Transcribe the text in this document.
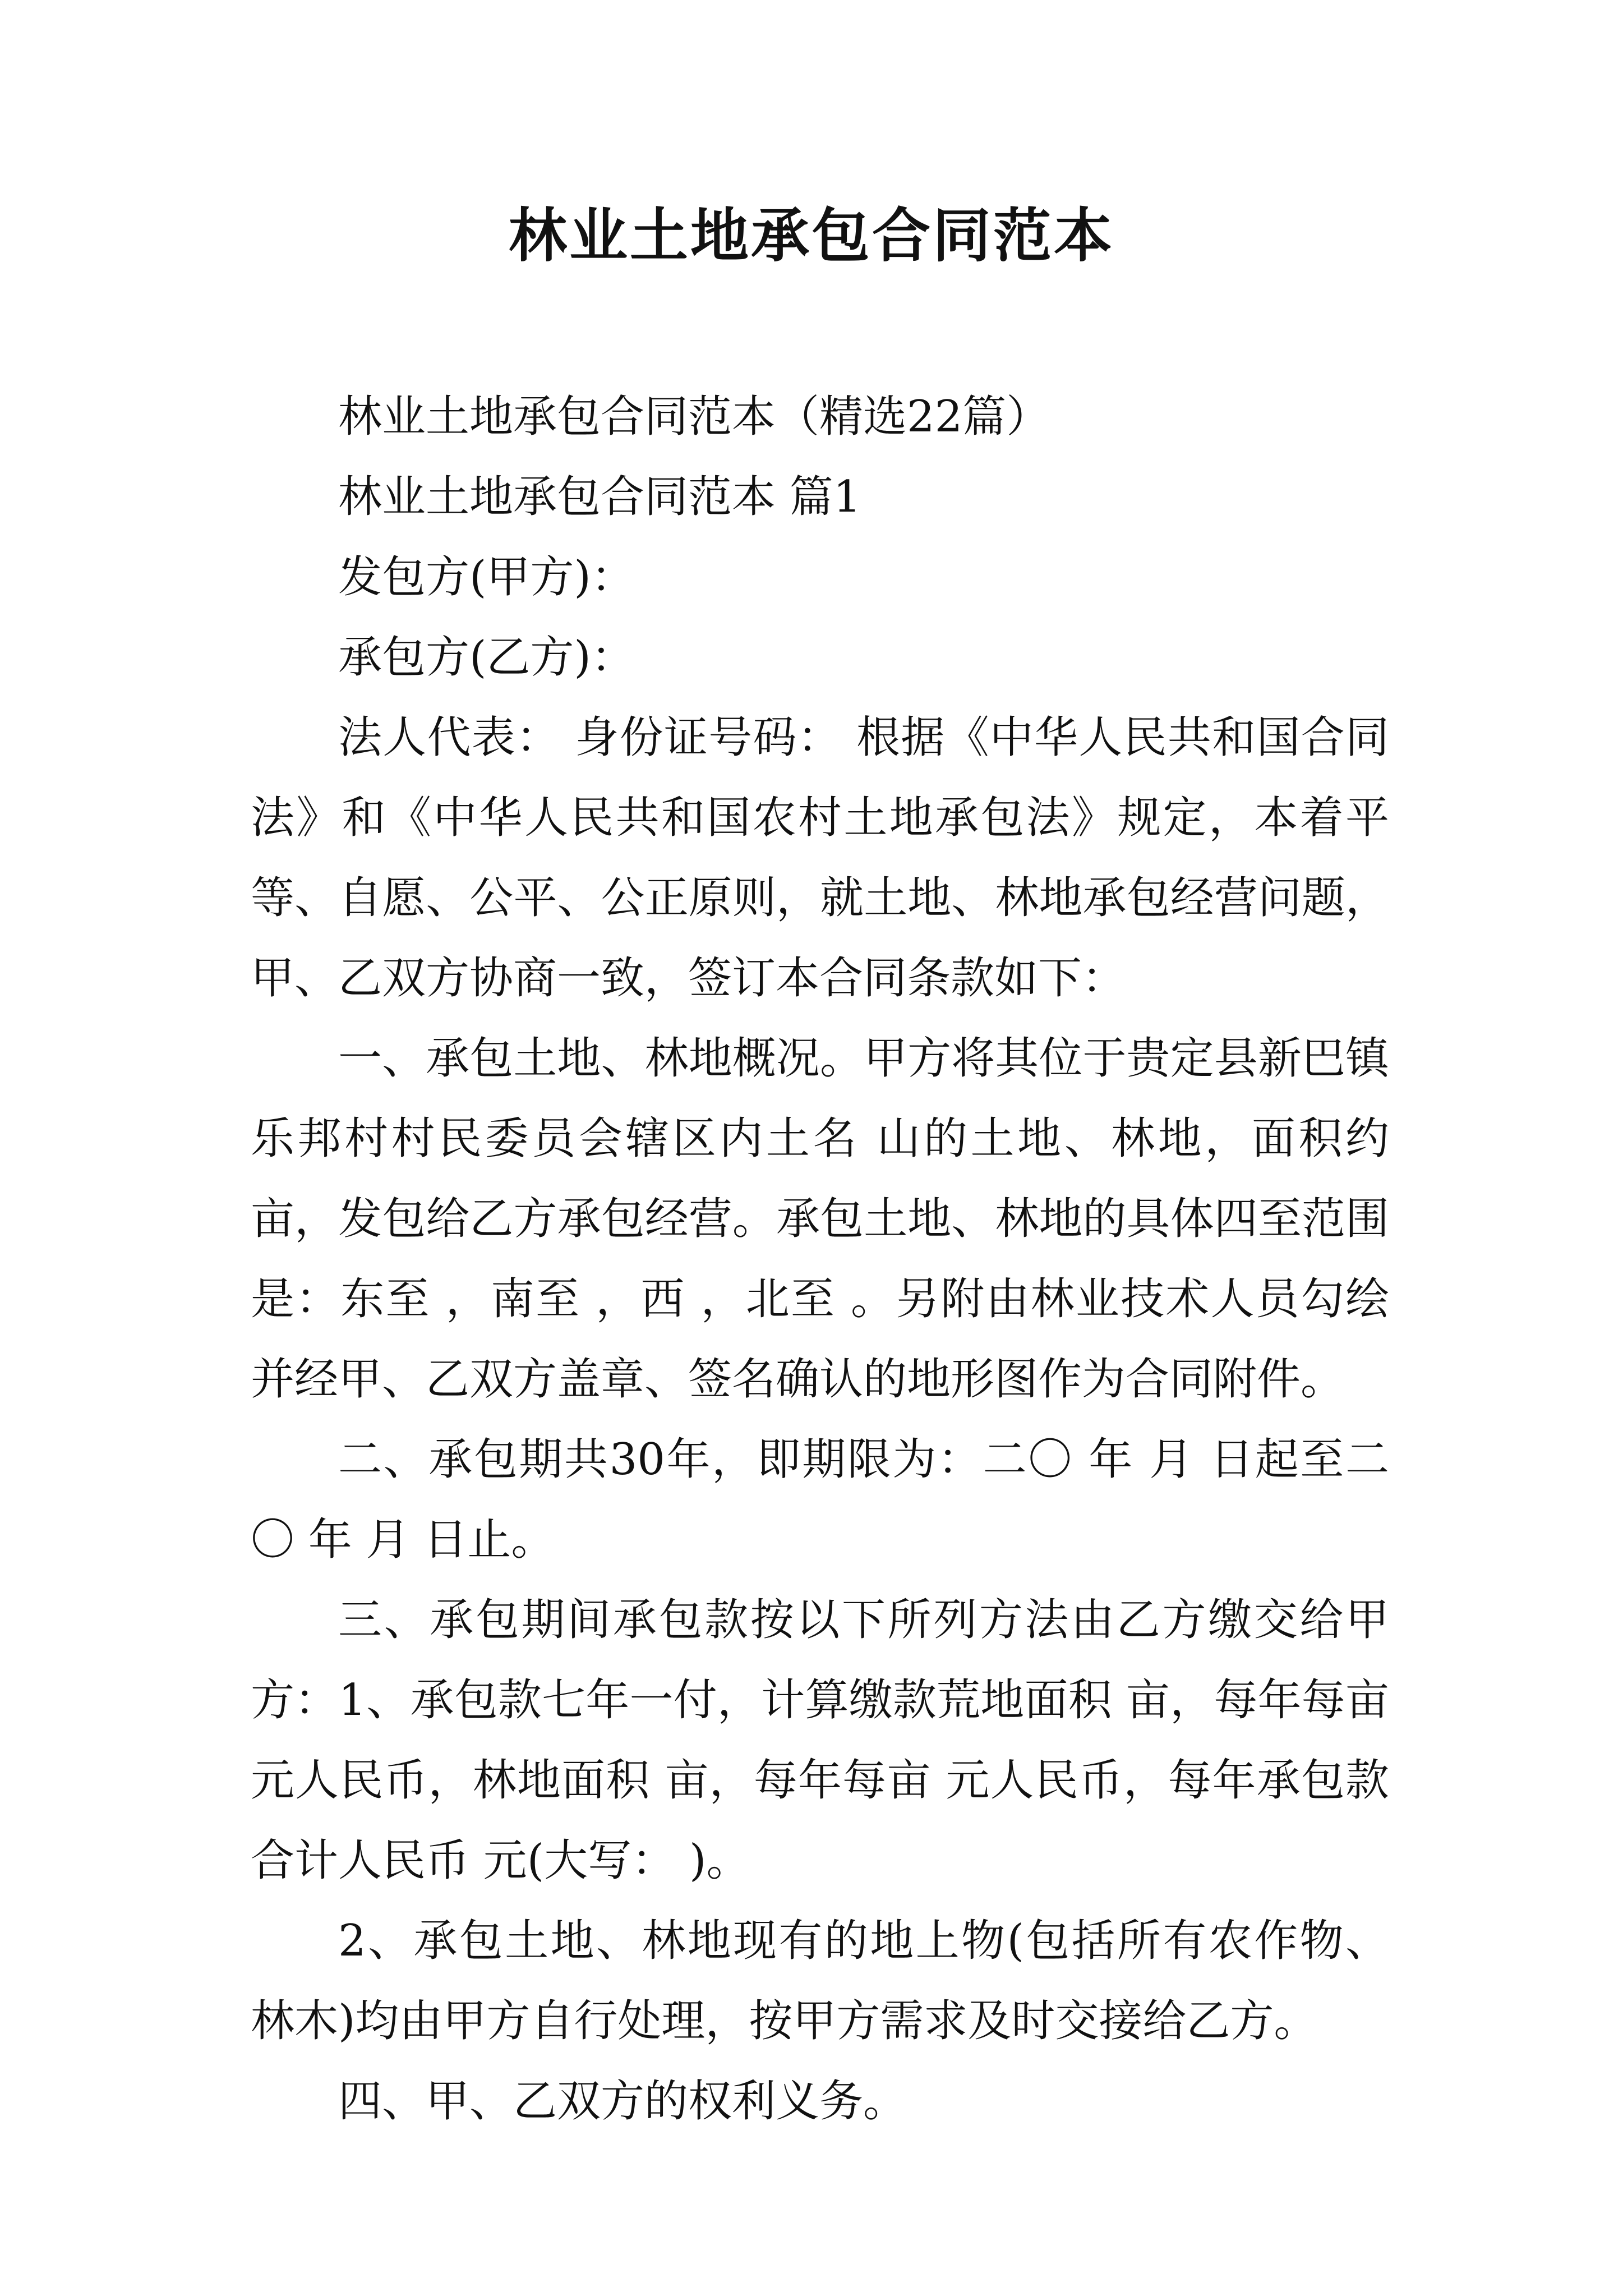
林业土地承包合同范本

林业土地承包合同范本（精选22篇）

林业土地承包合同范本 篇1

发包方(甲方)：

承包方(乙方)：

法人代表： 身份证号码： 根据《中华人民共和国合同法》和《中华人民共和国农村土地承包法》规定，本着平等、自愿、公平、公正原则，就土地、林地承包经营问题，甲、乙双方协商一致，签订本合同条款如下：

一、承包土地、林地概况。甲方将其位于贵定县新巴镇乐邦村村民委员会辖区内土名 山的土地、林地，面积约 亩，发包给乙方承包经营。承包土地、林地的具体四至范围是：东至 ，南至 ，西 ，北至 。另附由林业技术人员勾绘并经甲、乙双方盖章、签名确认的地形图作为合同附件。

二、承包期共30年，即期限为：二〇 年 月 日起至二〇 年 月 日止。

三、承包期间承包款按以下所列方法由乙方缴交给甲方：1、承包款七年一付，计算缴款荒地面积 亩，每年每亩 元人民币，林地面积 亩，每年每亩 元人民币，每年承包款合计人民币 元(大写： )。

2、承包土地、林地现有的地上物(包括所有农作物、林木)均由甲方自行处理，按甲方需求及时交接给乙方。

四、甲、乙双方的权利义务。
